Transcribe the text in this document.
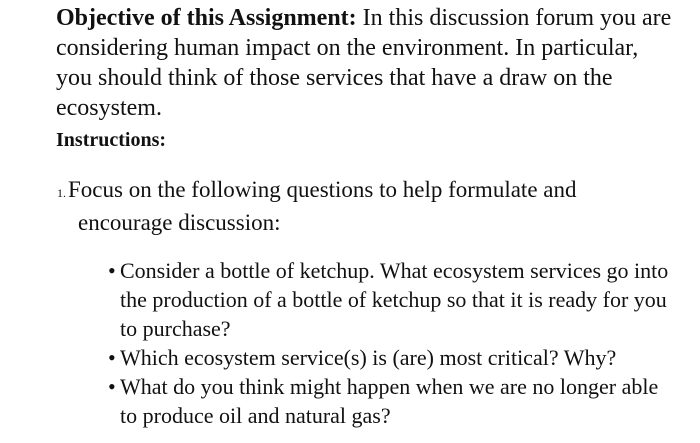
Objective of this Assignment: In this discussion forum you are considering human impact on the environment. In particular, you should think of those services that have a draw on the ecosystem.

Instructions:

1.Focus on the following questions to help formulate and
encourage discussion:

• Consider a bottle of ketchup. What ecosystem services go into the production of a bottle of ketchup so that it is ready for you to purchase?
• Which ecosystem service(s) is (are) most critical? Why?
• What do you think might happen when we are no longer able to produce oil and natural gas?
